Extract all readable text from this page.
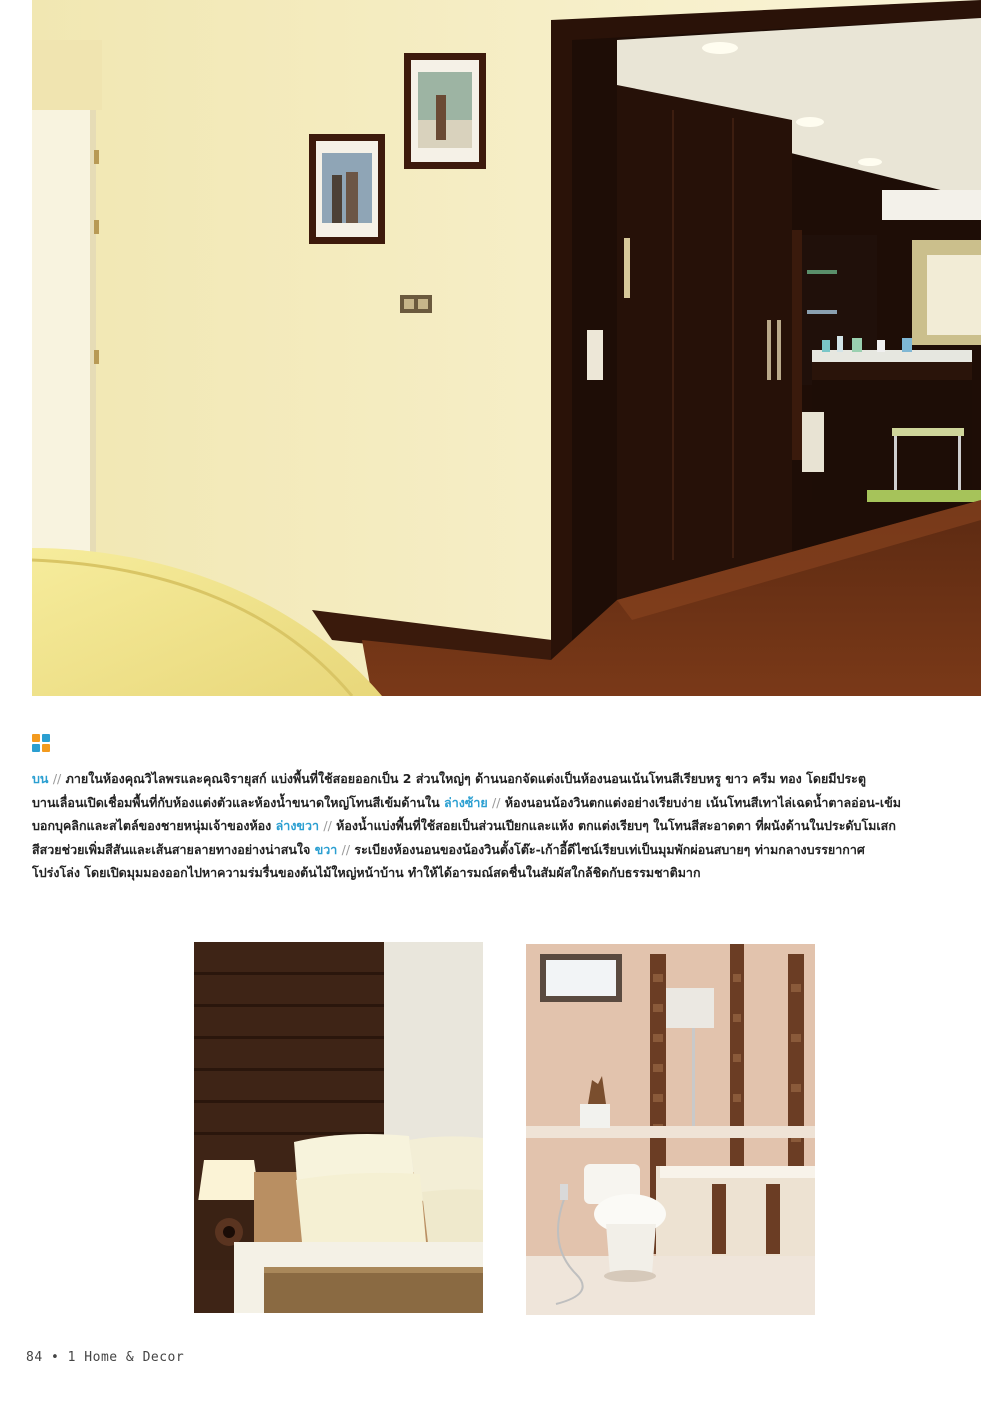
บน // ภายในห้องคุณวิไลพรและคุณจิรายุสก์ แบ่งพื้นที่ใช้สอยออกเป็น 2 ส่วนใหญ่ๆ ด้านนอกจัดแต่งเป็นห้องนอนเน้นโทนสีเรียบหรู ขาว ครีม ทอง โดยมีประตู
บานเลื่อนเปิดเชื่อมพื้นที่กับห้องแต่งตัวและห้องน้ำขนาดใหญ่โทนสีเข้มด้านใน ล่างซ้าย // ห้องนอนน้องวินตกแต่งอย่างเรียบง่าย เน้นโทนสีเทาไล่เฉดน้ำตาลอ่อน-เข้ม
บอกบุคลิกและสไตล์ของชายหนุ่มเจ้าของห้อง ล่างขวา // ห้องน้ำแบ่งพื้นที่ใช้สอยเป็นส่วนเปียกและแห้ง ตกแต่งเรียบๆ ในโทนสีสะอาดตา ที่ผนังด้านในประดับโมเสก
สีสวยช่วยเพิ่มสีสันและเส้นสายลายทางอย่างน่าสนใจ ขวา // ระเบียงห้องนอนของน้องวินตั้งโต๊ะ-เก้าอี้ดีไซน์เรียบเท่เป็นมุมพักผ่อนสบายๆ ท่ามกลางบรรยากาศ
โปร่งโล่ง โดยเปิดมุมมองออกไปหาความร่มรื่นของต้นไม้ใหญ่หน้าบ้าน ทำให้ได้อารมณ์สดชื่นในสัมผัสใกล้ชิดกับธรรมชาติมาก

84 • 1 Home & Decor
